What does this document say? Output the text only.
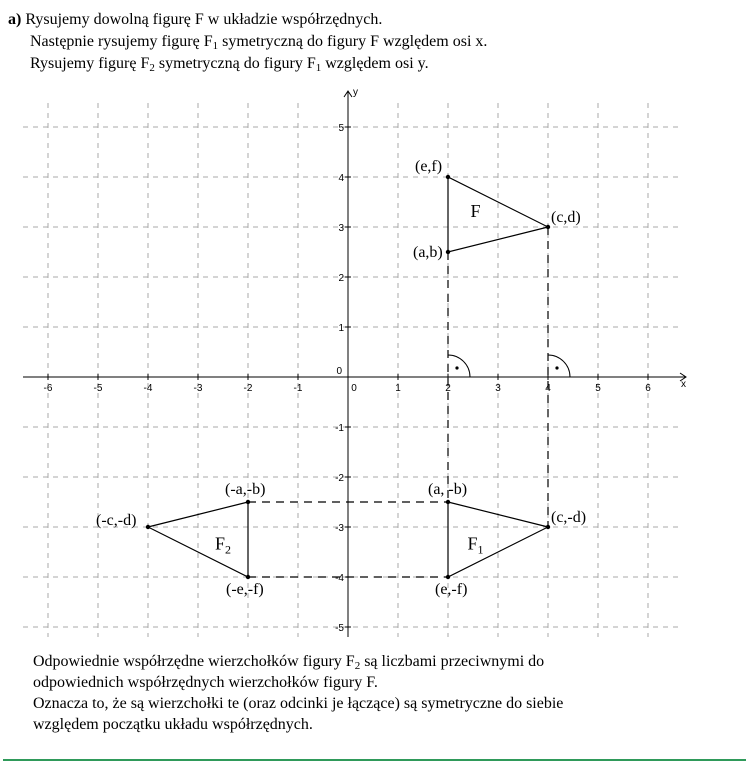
a) Rysujemy dowolną figurę F w układzie współrzędnych.
Następnie rysujemy figurę $F_1$ symetryczną do figury F względem osi x.
Rysujemy figurę $F_2$ symetryczną do figury $F_1$ względem osi y.
-6	-5	-4	-3	-2	-1	1	2	3	4	5	6
0
-5
-4
-3
-2
-1
1
2
3
4
5
0
x
y
(a,b)
(e,f)
(c,d)
F
(a, -b)
(c,-d)
(e,-f)
$F_1$
(-a,-b)
(-c,-d)
(-e,-f)
$F_2$
Odpowiednie współrzędne wierzchołków figury $F_2$ są liczbami przeciwnymi do
odpowiednich współrzędnych wierzchołków figury F.
Oznacza to, że są wierzchołki te (oraz odcinki je łączące) są symetryczne do siebie
względem początku układu współrzędnych.
